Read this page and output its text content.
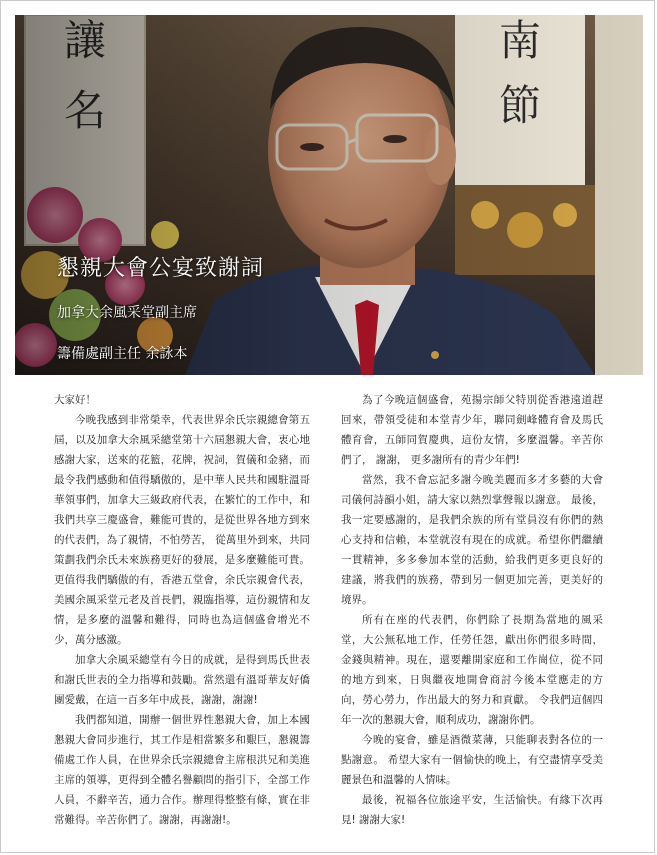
懇親大會公宴致謝詞
加拿大余風采堂副主席
籌備處副主任 余詠本

大家好！

今晚我感到非常榮幸，代表世界余氏宗親總會第五屆，以及加拿大余風采總堂第十六屆懇親大會，衷心地感謝大家，送來的花籃，花牌，祝詞，賀儀和金豬，而最令我們感動和值得驕傲的，是中華人民共和國駐溫哥華領事們，加拿大三級政府代表，在繁忙的工作中，和我們共享三慶盛會，難能可貴的，是從世界各地方到來的代表們，為了親情，不怕勞苦， 從萬里外到來，共同策劃我們余氏未來族務更好的發展，是多麼難能可貴。更值得我們驕傲的有，香港五堂會，余氏宗親會代表，美國余風采堂元老及首長們，親臨指導，這份親情和友情，是多麼的溫馨和難得，同時也為這個盛會增光不少，萬分感激。

加拿大余風采總堂有今日的成就，是得到馬氏世表和謝氏世表的全力指導和鼓勵。當然還有溫哥華友好僑團愛戴，在這一百多年中成長，謝謝，謝謝!

我們都知道，開辦一個世界性懇親大會，加上本國懇親大會同步進行，其工作是相當繁多和艱巨，懇親籌備處工作人員，在世界余氏宗親總會主席根洪兄和美進主席的領導，更得到全體名譽顧問的指引下，全部工作人員，不辭辛苦，通力合作。辦理得整整有條，實在非常難得。辛苦你們了。謝謝，再謝謝!。

為了今晚這個盛會，苑揚宗師父特別從香港遠道趕回來，帶領受徒和本堂青少年，聯同劍峰體育會及馬氏體育會，五師同賀慶典，這份友情，多麼溫馨。辛苦你們了， 謝謝， 更多謝所有的青少年們!

當然，我不會忘記多謝今晚美麗而多才多藝的大會司儀何詩韻小姐，請大家以熱烈掌聲報以謝意。 最後，我一定要感謝的，是我們余族的所有堂員沒有你們的熱心支持和信賴，本堂就沒有現在的成就。希望你們繼續一貫精神，多多參加本堂的活動，給我們更多更良好的建議，將我們的族務，帶到另一個更加完善，更美好的境界。

所有在座的代表們，你們除了長期為當地的風采堂，大公無私地工作，任勞任怨，獻出你們很多時間，金錢與精神。現在，還要離開家庭和工作崗位，從不同的地方到來，日與繼夜地開會商討今後本堂應走的方向，勞心勞力，作出最大的努力和貢獻。 令我們這個四年一次的懇親大會，順利成功，謝謝你們。

今晚的宴會，雖是酒微菜薄，只能聊表對各位的一點謝意。 希望大家有一個愉快的晚上，有空盡情享受美麗景色和溫馨的人情味。

最後，祝福各位旅途平安，生活愉快。有緣下次再見! 謝謝大家!
